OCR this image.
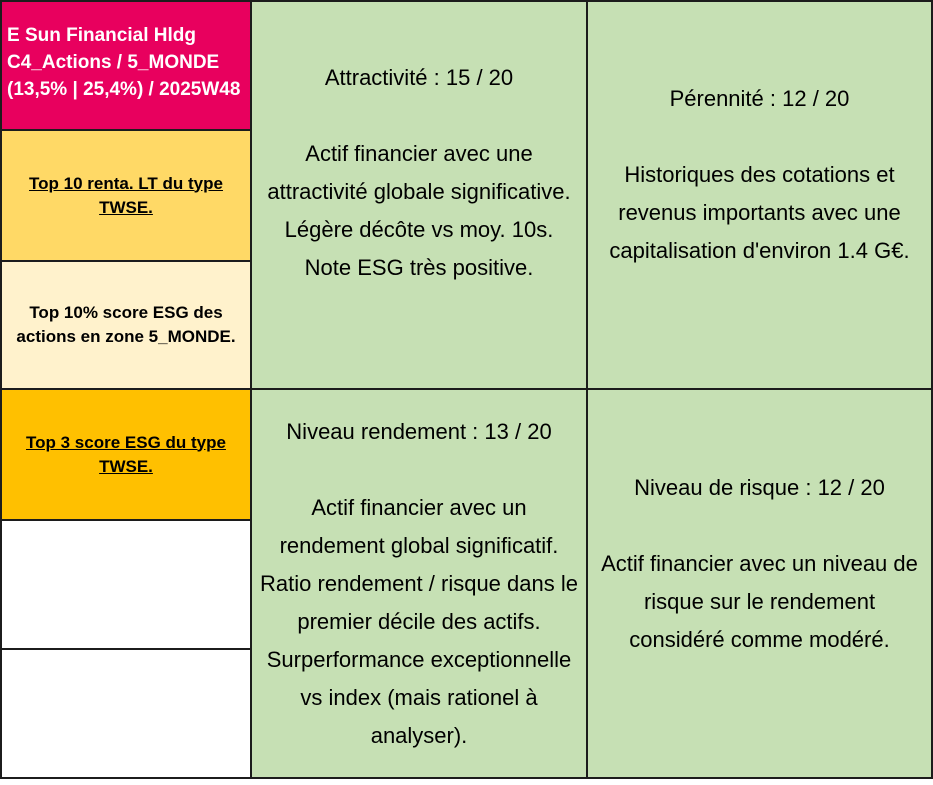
E Sun Financial Hldg
C4_Actions / 5_MONDE
(13,5% | 25,4%) / 2025W48
Top 10 renta. LT du type TWSE.
Top 10% score ESG des actions en zone 5_MONDE.
Top 3 score ESG du type TWSE.
Attractivité : 15 / 20
Actif financier avec une attractivité globale significative. Légère décôte vs moy. 10s. Note ESG très positive.
Pérennité : 12 / 20
Historiques des cotations et revenus importants avec une capitalisation d'environ 1.4 G€.
Niveau rendement : 13 / 20
Actif financier avec un rendement global significatif. Ratio rendement / risque dans le premier décile des actifs. Surperformance exceptionnelle vs index (mais rationel à analyser).
Niveau de risque : 12 / 20
Actif financier avec un niveau de risque sur le rendement considéré comme modéré.
